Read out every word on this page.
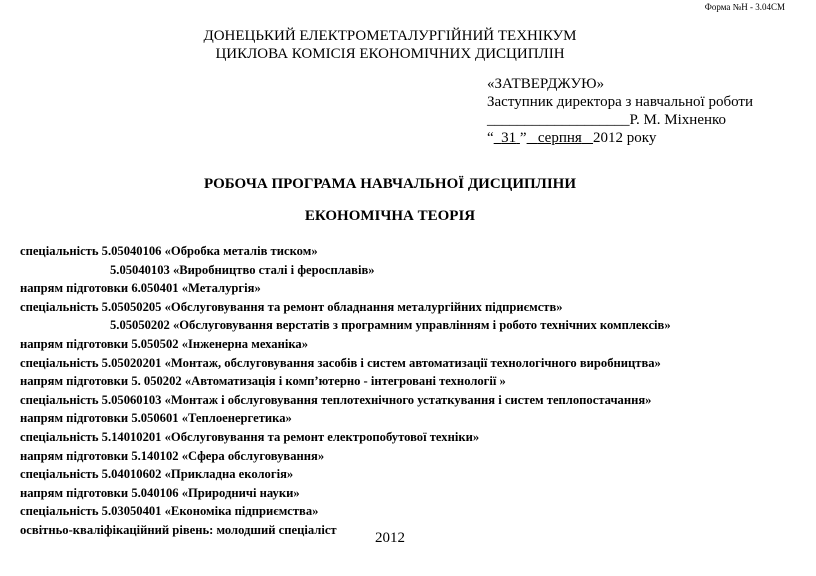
Форма №Н - 3.04СМ
ДОНЕЦЬКИЙ ЕЛЕКТРОМЕТАЛУРГІЙНИЙ ТЕХНІКУМ
ЦИКЛОВА КОМІСІЯ ЕКОНОМІЧНИХ ДИСЦИПЛІН
«ЗАТВЕРДЖУЮ»
Заступник директора з навчальної роботи
___________________Р. М. Міхненко
“ 31 ” серпня 2012 року
РОБОЧА ПРОГРАМА НАВЧАЛЬНОЇ ДИСЦИПЛІНИ
ЕКОНОМІЧНА ТЕОРІЯ
спеціальність 5.05040106 «Обробка металів тиском»
5.05040103 «Виробництво сталі і феросплавів»
напрям підготовки 6.050401 «Металургія»
спеціальність 5.05050205 «Обслуговування та ремонт обладнання металургійних підприємств»
5.05050202 «Обслуговування верстатів з програмним управлінням і робото технічних комплексів»
напрям підготовки 5.050502 «Інженерна механіка»
спеціальність 5.05020201 «Монтаж, обслуговування засобів і систем автоматизації технологічного виробництва»
напрям підготовки 5. 050202 «Автоматизація і комп’ютерно - інтегровані технології »
спеціальність 5.05060103 «Монтаж і обслуговування теплотехнічного устаткування і систем теплопостачання»
напрям підготовки 5.050601 «Теплоенергетика»
спеціальність 5.14010201 «Обслуговування та ремонт електропобутової техніки»
напрям підготовки 5.140102 «Сфера обслуговування»
спеціальність 5.04010602 «Прикладна екологія»
напрям підготовки 5.040106 «Природничі науки»
спеціальність 5.03050401 «Економіка підприємства»
освітньо-кваліфікаційний рівень: молодший спеціаліст
2012
